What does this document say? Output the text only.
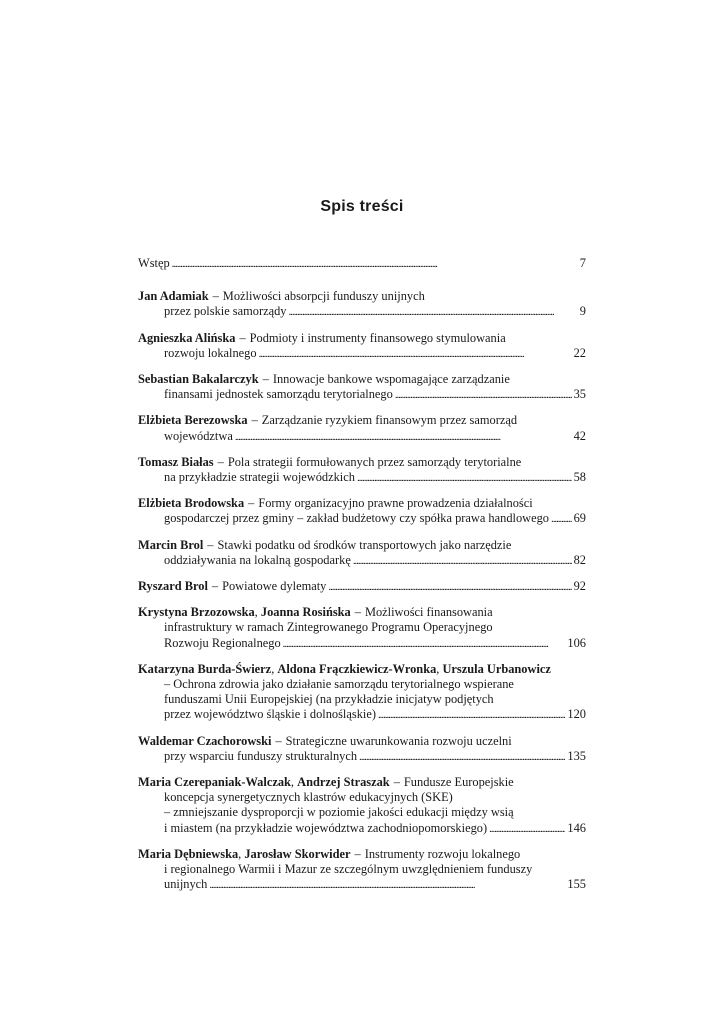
Spis treści
Wstęp . . .	7
Jan Adamiak – Możliwości absorpcji funduszy unijnych
przez polskie samorządy . . .	9
Agnieszka Alińska – Podmioty i instrumenty finansowego stymulowania
rozwoju lokalnego . . .	22
Sebastian Bakalarczyk – Innowacje bankowe wspomagające zarządzanie
finansami jednostek samorządu terytorialnego . . .	35
Elżbieta Berezowska – Zarządzanie ryzykiem finansowym przez samorząd
województwa . . .	42
Tomasz Białas – Pola strategii formułowanych przez samorządy terytorialne
na przykładzie strategii wojewódzkich . . .	58
Elżbieta Brodowska – Formy organizacyjno prawne prowadzenia działalności
gospodarczej przez gminy – zakład budżetowy czy spółka prawa handlowego . . . 69
Marcin Brol – Stawki podatku od środków transportowych jako narzędzie
oddziaływania na lokalną gospodarkę . . .	82
Ryszard Brol – Powiatowe dylematy . . .	92
Krystyna Brzozowska , Joanna Rosińska – Możliwości finansowania
infrastruktury w ramach Zintegrowanego Programu Operacyjnego
Rozwoju Regionalnego . . .	106
Katarzyna Burda-Świerz , Aldona Frączkiewicz-Wronka , Urszula Urbanowicz
– Ochrona zdrowia jako działanie samorządu terytorialnego wspierane
funduszami Unii Europejskiej (na przykładzie inicjatyw podjętych
przez województwo śląskie i dolnośląskie) . . .	120
Waldemar Czachorowski – Strategiczne uwarunkowania rozwoju uczelni
przy wsparciu funduszy strukturalnych . . .	135
Maria Czerepaniak-Walczak , Andrzej Straszak – Fundusze Europejskie
koncepcja synergetycznych klastrów edukacyjnych (SKE)
– zmniejszanie dysproporcji w poziomie jakości edukacji między wsią
i miastem (na przykładzie województwa zachodniopomorskiego) . . .	146
Maria Dębniewska , Jarosław Skorwider – Instrumenty rozwoju lokalnego
i regionalnego Warmii i Mazur ze szczególnym uwzględnieniem funduszy
unijnych . . .	155
